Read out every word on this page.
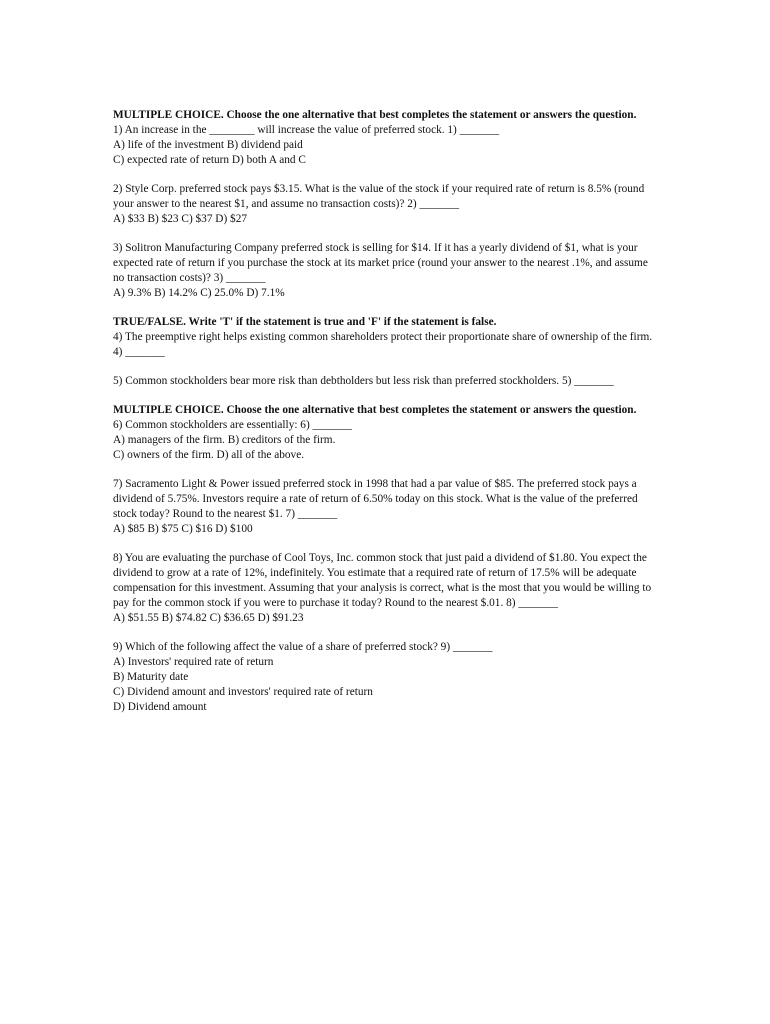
MULTIPLE CHOICE. Choose the one alternative that best completes the statement or answers the question.
1) An increase in the ________ will increase the value of preferred stock. 1) _______
A) life of the investment B) dividend paid
C) expected rate of return D) both A and C
2) Style Corp. preferred stock pays $3.15. What is the value of the stock if your required rate of return is 8.5% (round your answer to the nearest $1, and assume no transaction costs)? 2) _______
A) $33 B) $23 C) $37 D) $27
3) Solitron Manufacturing Company preferred stock is selling for $14. If it has a yearly dividend of $1, what is your expected rate of return if you purchase the stock at its market price (round your answer to the nearest .1%, and assume no transaction costs)? 3) _______
A) 9.3% B) 14.2% C) 25.0% D) 7.1%
TRUE/FALSE. Write 'T' if the statement is true and 'F' if the statement is false.
4) The preemptive right helps existing common shareholders protect their proportionate share of ownership of the firm. 4) _______
5) Common stockholders bear more risk than debtholders but less risk than preferred stockholders. 5) _______
MULTIPLE CHOICE. Choose the one alternative that best completes the statement or answers the question.
6) Common stockholders are essentially: 6) _______
A) managers of the firm. B) creditors of the firm.
C) owners of the firm. D) all of the above.
7) Sacramento Light & Power issued preferred stock in 1998 that had a par value of $85. The preferred stock pays a dividend of 5.75%. Investors require a rate of return of 6.50% today on this stock. What is the value of the preferred stock today? Round to the nearest $1. 7) _______
A) $85 B) $75 C) $16 D) $100
8) You are evaluating the purchase of Cool Toys, Inc. common stock that just paid a dividend of $1.80. You expect the dividend to grow at a rate of 12%, indefinitely. You estimate that a required rate of return of 17.5% will be adequate compensation for this investment. Assuming that your analysis is correct, what is the most that you would be willing to pay for the common stock if you were to purchase it today? Round to the nearest $.01. 8) _______
A) $51.55 B) $74.82 C) $36.65 D) $91.23
9) Which of the following affect the value of a share of preferred stock? 9) _______
A) Investors' required rate of return
B) Maturity date
C) Dividend amount and investors' required rate of return
D) Dividend amount
